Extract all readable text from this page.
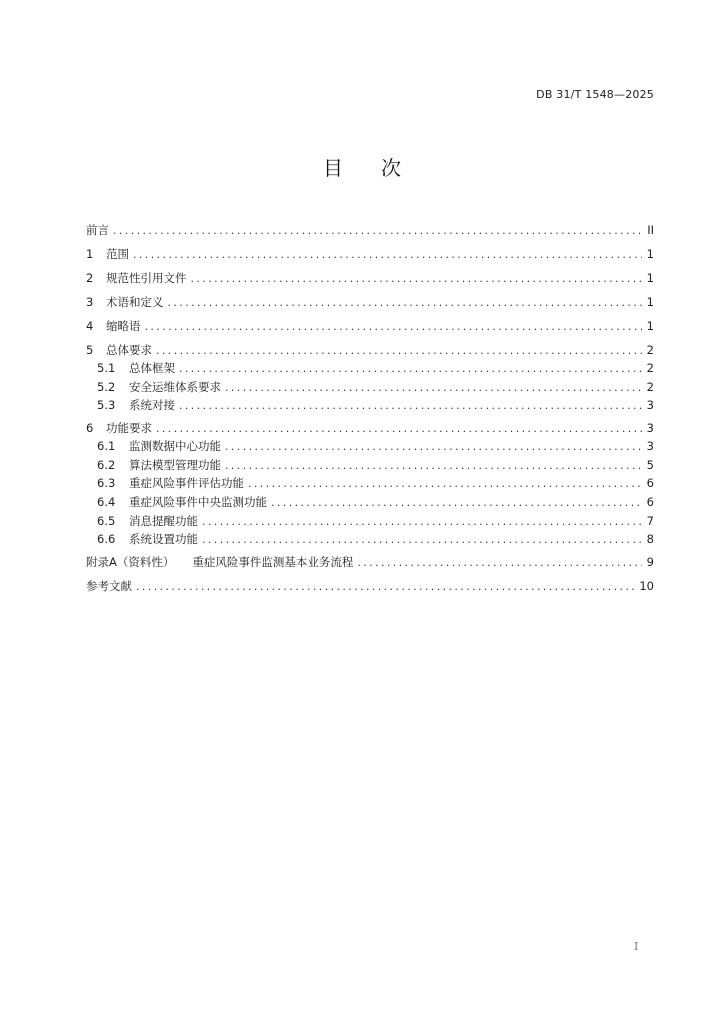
DB 31/T 1548—2025
目 次
前言 .....	II
1 范围 .....	1
2 规范性引用文件 .....	1
3 术语和定义 .....	1
4 缩略语 .....	1
5 总体要求 .....	2
5.1	总体框架 .....	2
5.2	安全运维体系要求 .....	2
5.3	系统对接 .....	3
6 功能要求 .....	3
6.1	监测数据中心功能 .....	3
6.2	算法模型管理功能 .....	5
6.3	重症风险事件评估功能 .....	6
6.4	重症风险事件中央监测功能 .....	6
6.5	消息提醒功能 .....	7
6.6	系统设置功能 .....	8
附录A（资料性） 重症风险事件监测基本业务流程 .....	9
参考文献 .....	10
I
